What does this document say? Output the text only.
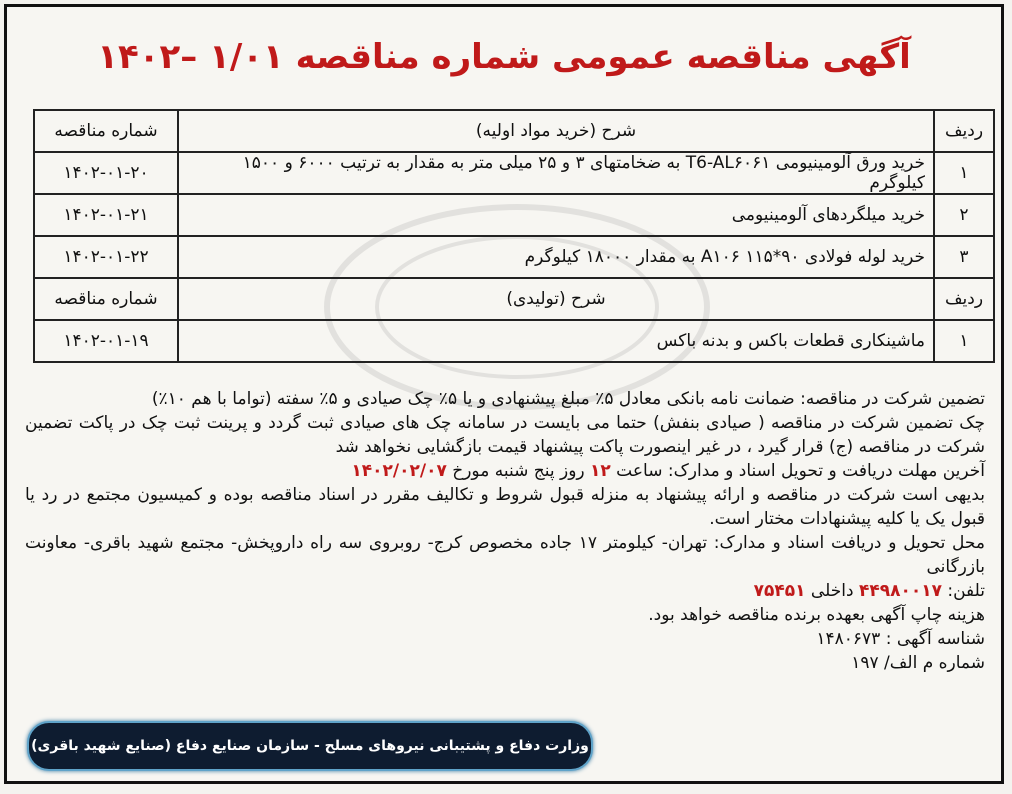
آگهی مناقصه عمومی شماره مناقصه ۱/۰۱ –۱۴۰۲
ردیف	شرح (خرید مواد اولیه)	شماره مناقصه
۱	خرید ورق آلومینیومی T6-AL۶۰۶۱ به ضخامتهای ۳ و ۲۵ میلی متر به مقدار به ترتیب ۶۰۰۰ و ۱۵۰۰ کیلوگرم	۱۴۰۲-۰۱-۲۰
۲	خرید میلگردهای آلومینیومی	۱۴۰۲-۰۱-۲۱
۳	خرید لوله فولادی A۱۰۶ ۱۱۵*۹۰ به مقدار ۱۸۰۰۰ کیلوگرم	۱۴۰۲-۰۱-۲۲
ردیف	شرح (تولیدی)	شماره مناقصه
۱	ماشینکاری قطعات باکس و بدنه باکس	۱۴۰۲-۰۱-۱۹

تضمین شرکت در مناقصه: ضمانت نامه بانکی معادل ۵٪ مبلغ پیشنهادی و یا ۵٪ چک صیادی و ۵٪ سفته (تواما با هم ۱۰٪)

چک تضمین شرکت در مناقصه ( صیادی بنفش) حتما می بایست در سامانه چک های صیادی ثبت گردد و پرینت ثبت چک در پاکت تضمین شرکت در مناقصه (ج) قرار گیرد ، در غیر اینصورت پاکت پیشنهاد قیمت بازگشایی نخواهد شد

آخرین مهلت دریافت و تحویل اسناد و مدارک: ساعت ۱۲ روز پنج شنبه مورخ ۱۴۰۲/۰۲/۰۷

بدیهی است شرکت در مناقصه و ارائه پیشنهاد به منزله قبول شروط و تکالیف مقرر در اسناد مناقصه بوده و کمیسیون مجتمع در رد یا قبول یک یا کلیه پیشنهادات مختار است.

محل تحویل و دریافت اسناد و مدارک: تهران- کیلومتر ۱۷ جاده مخصوص کرج- روبروی سه راه داروپخش- مجتمع شهید باقری- معاونت بازرگانی

تلفن: ۴۴۹۸۰۰۱۷ داخلی ۷۵۴۵۱

هزینه چاپ آگهی بعهده برنده مناقصه خواهد بود.

شناسه آگهی : ۱۴۸۰۶۷۳

شماره م الف/ ۱۹۷

وزارت دفاع و پشتیبانی نیروهای مسلح - سازمان صنایع دفاع (صنایع شهید باقری)
